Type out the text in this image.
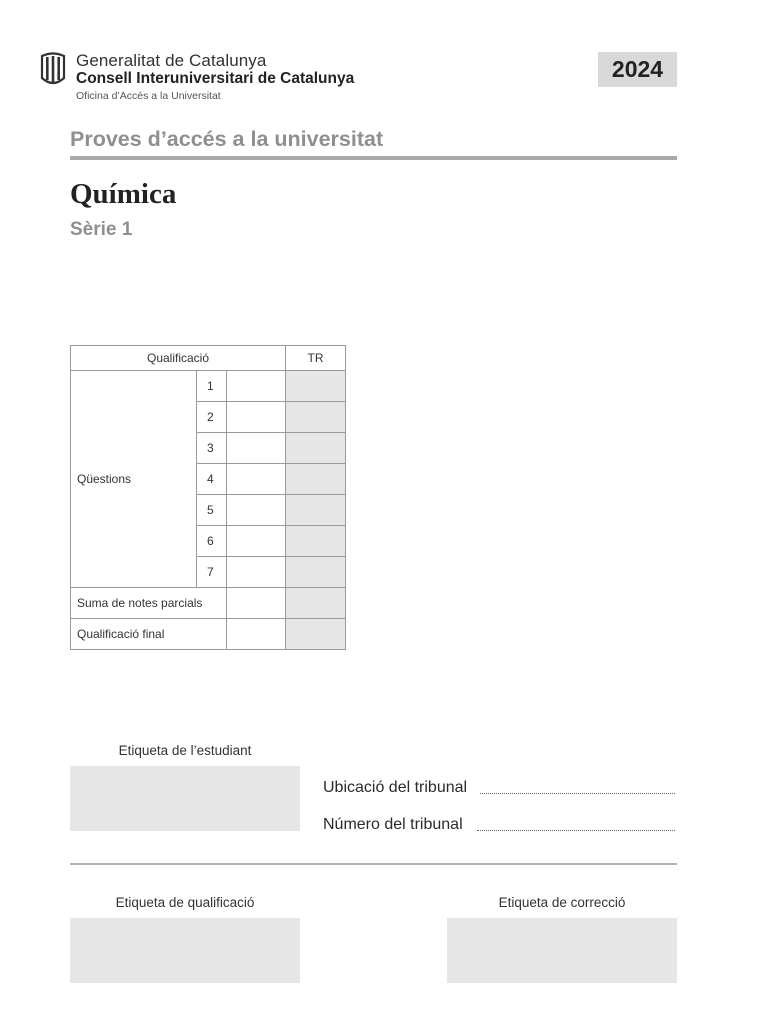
Generalitat de Catalunya
Consell Interuniversitari de Catalunya
Oficina d’Accés a la Universitat
2024
Proves d’accés a la universitat
Química
Sèrie 1
Qualificació			TR
Qüestions	1		
	2		
	3		
	4		
	5		
	6		
	7		
Suma de notes parcials			
Qualificació final			
Etiqueta de l’estudiant
Ubicació del tribunal
Número del tribunal
Etiqueta de qualificació	Etiqueta de correcció
